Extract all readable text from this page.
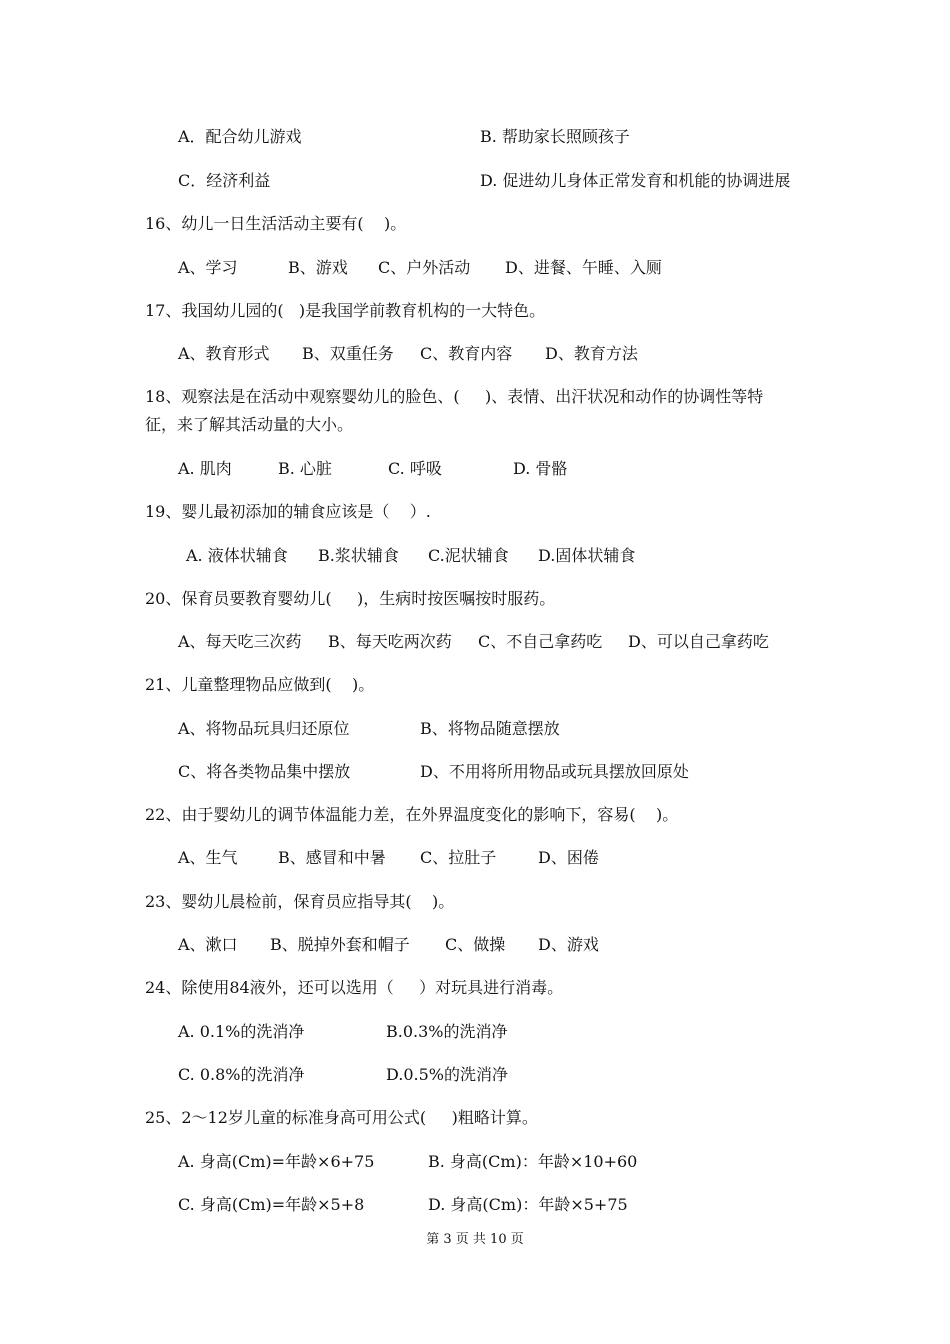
A．配合幼儿游戏	B. 帮助家长照顾孩子
C．经济利益	D. 促进幼儿身体正常发育和机能的协调进展
16、幼儿一日生活活动主要有(    )。
A、学习	B、游戏 C、户外活动 D、进餐、午睡、入厕
17、我国幼儿园的(   )是我国学前教育机构的一大特色。
A、教育形式 B、双重任务 C、教育内容 D、教育方法
18、观察法是在活动中观察婴幼儿的脸色、(     )、表情、出汗状况和动作的协调性等特
征，来了解其活动量的大小。
A. 肌肉	B. 心脏	C. 呼吸	D. 骨骼
19、婴儿最初添加的辅食应该是（    ）.
A. 液体状辅食 B.浆状辅食 C.泥状辅食 D.固体状辅食
20、保育员要教育婴幼儿(     )，生病时按医嘱按时服药。
A、每天吃三次药 B、每天吃两次药 C、不自己拿药吃 D、可以自己拿药吃
21、儿童整理物品应做到(    )。
A、将物品玩具归还原位	B、将物品随意摆放
C、将各类物品集中摆放	D、不用将所用物品或玩具摆放回原处
22、由于婴幼儿的调节体温能力差，在外界温度变化的影响下，容易(    )。
A、生气	B、感冒和中暑 C、拉肚子	D、困倦
23、婴幼儿晨检前，保育员应指导其(    )。
A、漱口 B、脱掉外套和帽子 C、做操 D、游戏
24、除使用84液外，还可以选用（     ）对玩具进行消毒。
A. 0.1%的洗消净	B.0.3%的洗消净
C. 0.8%的洗消净	D.0.5%的洗消净
25、2～12岁儿童的标准身高可用公式(     )粗略计算。
A. 身高(Cm)=年龄×6+75	B. 身高(Cm)：年龄×10+60
C. 身高(Cm)=年龄×5+8	D. 身高(Cm)：年龄×5+75
第 3 页 共 10 页
